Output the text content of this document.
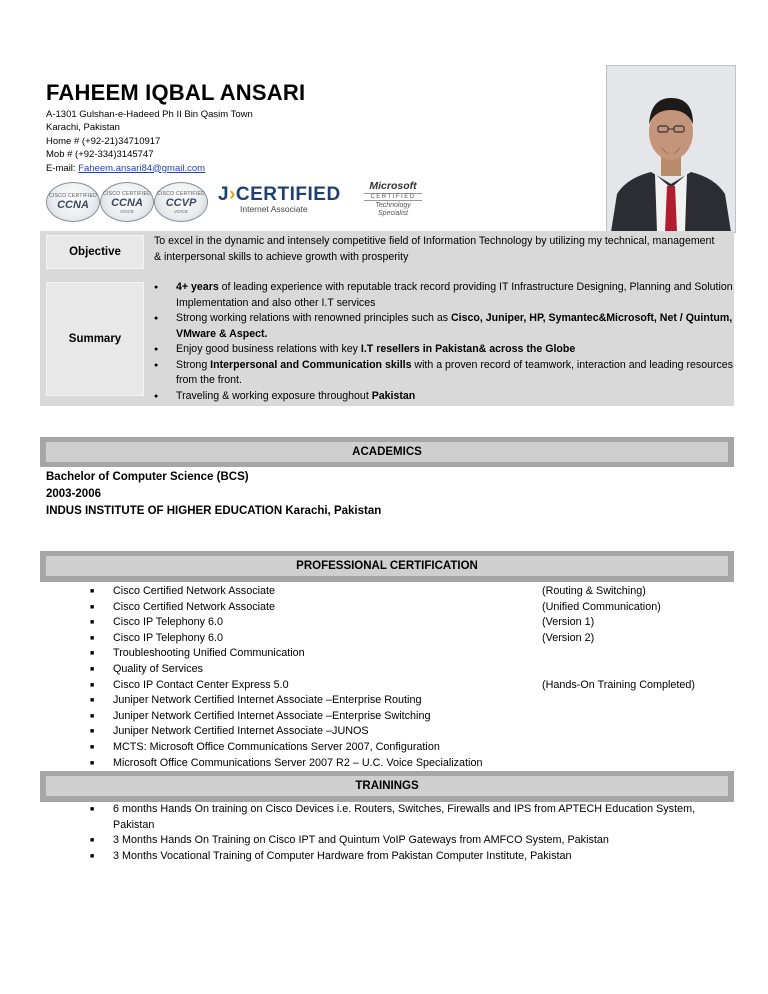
FAHEEM IQBAL ANSARI
A-1301 Gulshan-e-Hadeed Ph II Bin Qasim Town
Karachi, Pakistan
Home # (+92-21)34710917
Mob # (+92-334)3145747
E-mail: Faheem.ansari84@gmail.com
CISCO CERTIFIED
CCNA
CISCO CERTIFIED
CCNA
VOICE
CISCO CERTIFIED
CCVP
VOICE
J›CERTIFIED
Internet Associate
Microsoft
CERTIFIED
Technology
Specialist
Objective
To excel in the dynamic and intensely competitive field of Information Technology by utilizing my technical, management & interpersonal skills to achieve growth with prosperity
Summary
● 4+ years of leading experience with reputable track record providing IT Infrastructure Designing, Planning and Solution Implementation and also other I.T services
● Strong working relations with renowned principles such as Cisco, Juniper, HP, Symantec&Microsoft, Net / Quintum, VMware & Aspect.
● Enjoy good business relations with key I.T resellers in Pakistan& across the Globe
● Strong Interpersonal and Communication skills with a proven record of teamwork, interaction and leading resources from the front.
● Traveling & working exposure throughout Pakistan
ACADEMICS
Bachelor of Computer Science (BCS)
2003-2006
INDUS INSTITUTE OF HIGHER EDUCATION Karachi, Pakistan
PROFESSIONAL CERTIFICATION
■ Cisco Certified Network Associate	(Routing & Switching)
■ Cisco Certified Network Associate	(Unified Communication)
■ Cisco IP Telephony 6.0	(Version 1)
■ Cisco IP Telephony 6.0	(Version 2)
■ Troubleshooting Unified Communication
■ Quality of Services
■ Cisco IP Contact Center Express 5.0	(Hands-On Training Completed)
■ Juniper Network Certified Internet Associate –Enterprise Routing
■ Juniper Network Certified Internet Associate –Enterprise Switching
■ Juniper Network Certified Internet Associate –JUNOS
■ MCTS: Microsoft Office Communications Server 2007, Configuration
■ Microsoft Office Communications Server 2007 R2 – U.C. Voice Specialization
TRAININGS
■ 6 months Hands On training on Cisco Devices i.e. Routers, Switches, Firewalls and IPS from APTECH Education System, Pakistan
■ 3 Months Hands On Training on Cisco IPT and Quintum VoIP Gateways from AMFCO System, Pakistan
■ 3 Months Vocational Training of Computer Hardware from Pakistan Computer Institute, Pakistan
